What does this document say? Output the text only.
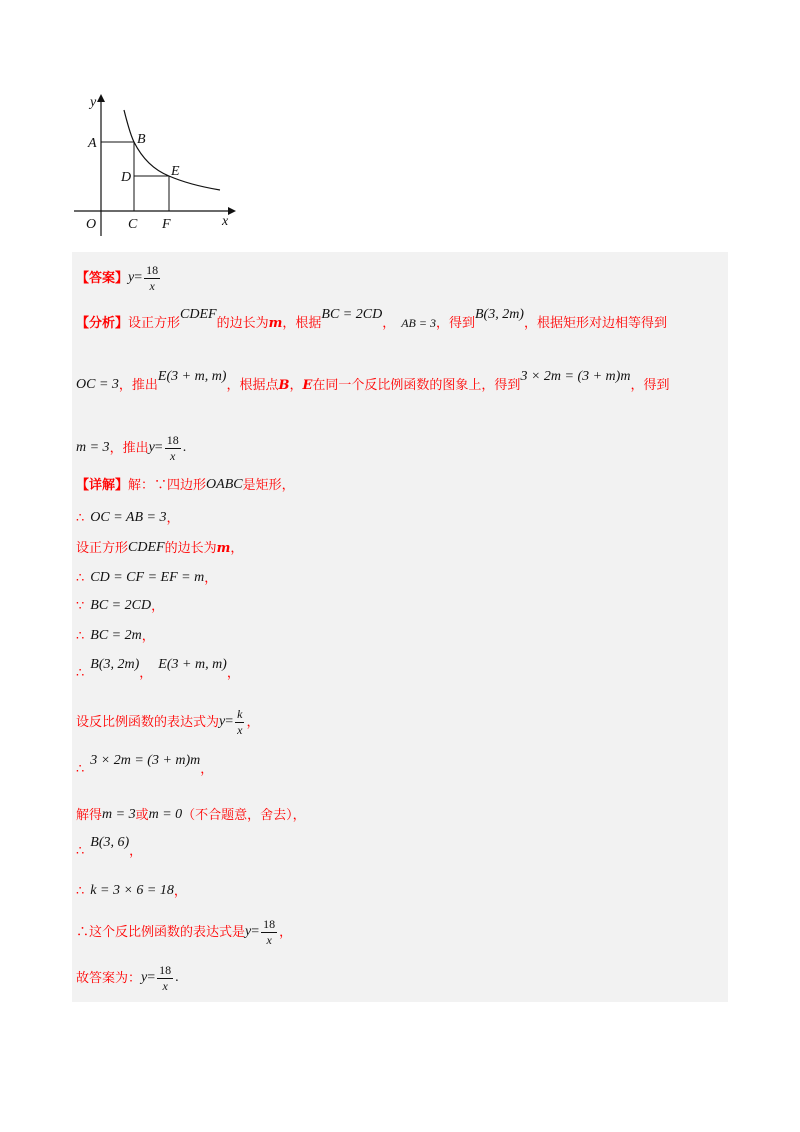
y
x
O
A	B
C
D	E
F
【答案】 $y = \frac{18}{x}$
【分析】 设正方形
CDEF
的边长为 m ，根据
BC = 2CD
， AB = 3 ，得到
B(3, 2m)
，根据矩形对边相等得到
OC = 3 ，推出
E(3 + m, m)
，根据点 B ， E 在同一个反比例函数的图象上，得到
3 × 2m = (3 + m)m
，得到
m = 3 ，推出 $y = \frac{18}{x}$ .
【详解】 解：∵四边形 OABC 是矩形，
∴ OC = AB = 3 ，
设正方形 CDEF 的边长为 m ，
∴ CD = CF = EF = m ，
∵ BC = 2CD ，
∴ BC = 2m ，
∴
B(3, 2m)
，
E(3 + m, m)
，
设反比例函数的表达式为 $y = \frac{k}{x}$ ，
∴
3 × 2m = (3 + m)m
，
解得 m = 3 或 m = 0 （不合题意，舍去），
∴
B(3, 6)
，
∴ k = 3 × 6 = 18 ，
∴这个反比例函数的表达式是 $y = \frac{18}{x}$ ，
故答案为： $y = \frac{18}{x}$ .
